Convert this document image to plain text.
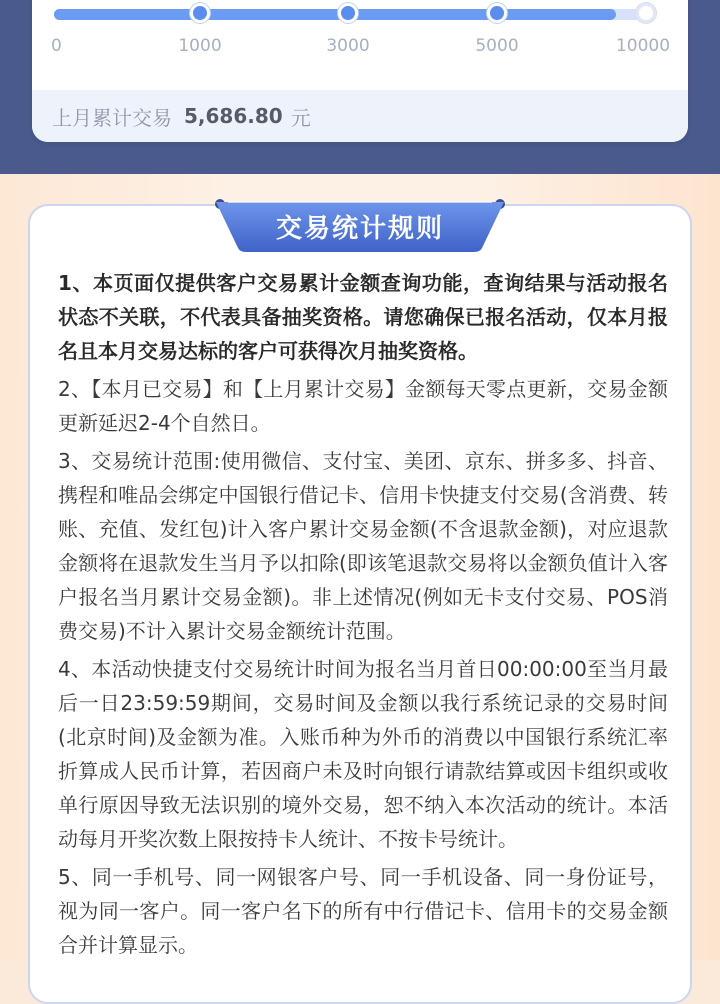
0	1000	3000	5000	10000
上月累计交易 5,686.80 元
交易统计规则

1、本页面仅提供客户交易累计金额查询功能，查询结果与活动报名状态不关联，不代表具备抽奖资格。请您确保已报名活动，仅本月报名且本月交易达标的客户可获得次月抽奖资格。

2、【本月已交易】和【上月累计交易】金额每天零点更新，交易金额更新延迟2-4个自然日。

3、交易统计范围:使用微信、支付宝、美团、京东、拼多多、抖音、携程和唯品会绑定中国银行借记卡、信用卡快捷支付交易(含消费、转账、充值、发红包)计入客户累计交易金额(不含退款金额)，对应退款金额将在退款发生当月予以扣除(即该笔退款交易将以金额负值计入客户报名当月累计交易金额)。非上述情况(例如无卡支付交易、POS消费交易)不计入累计交易金额统计范围。

4、本活动快捷支付交易统计时间为报名当月首日00:00:00至当月最后一日23:59:59期间，交易时间及金额以我行系统记录的交易时间(北京时间)及金额为准。入账币种为外币的消费以中国银行系统汇率折算成人民币计算，若因商户未及时向银行请款结算或因卡组织或收单行原因导致无法识别的境外交易，恕不纳入本次活动的统计。本活动每月开奖次数上限按持卡人统计、不按卡号统计。

5、同一手机号、同一网银客户号、同一手机设备、同一身份证号，视为同一客户。同一客户名下的所有中行借记卡、信用卡的交易金额合并计算显示。
